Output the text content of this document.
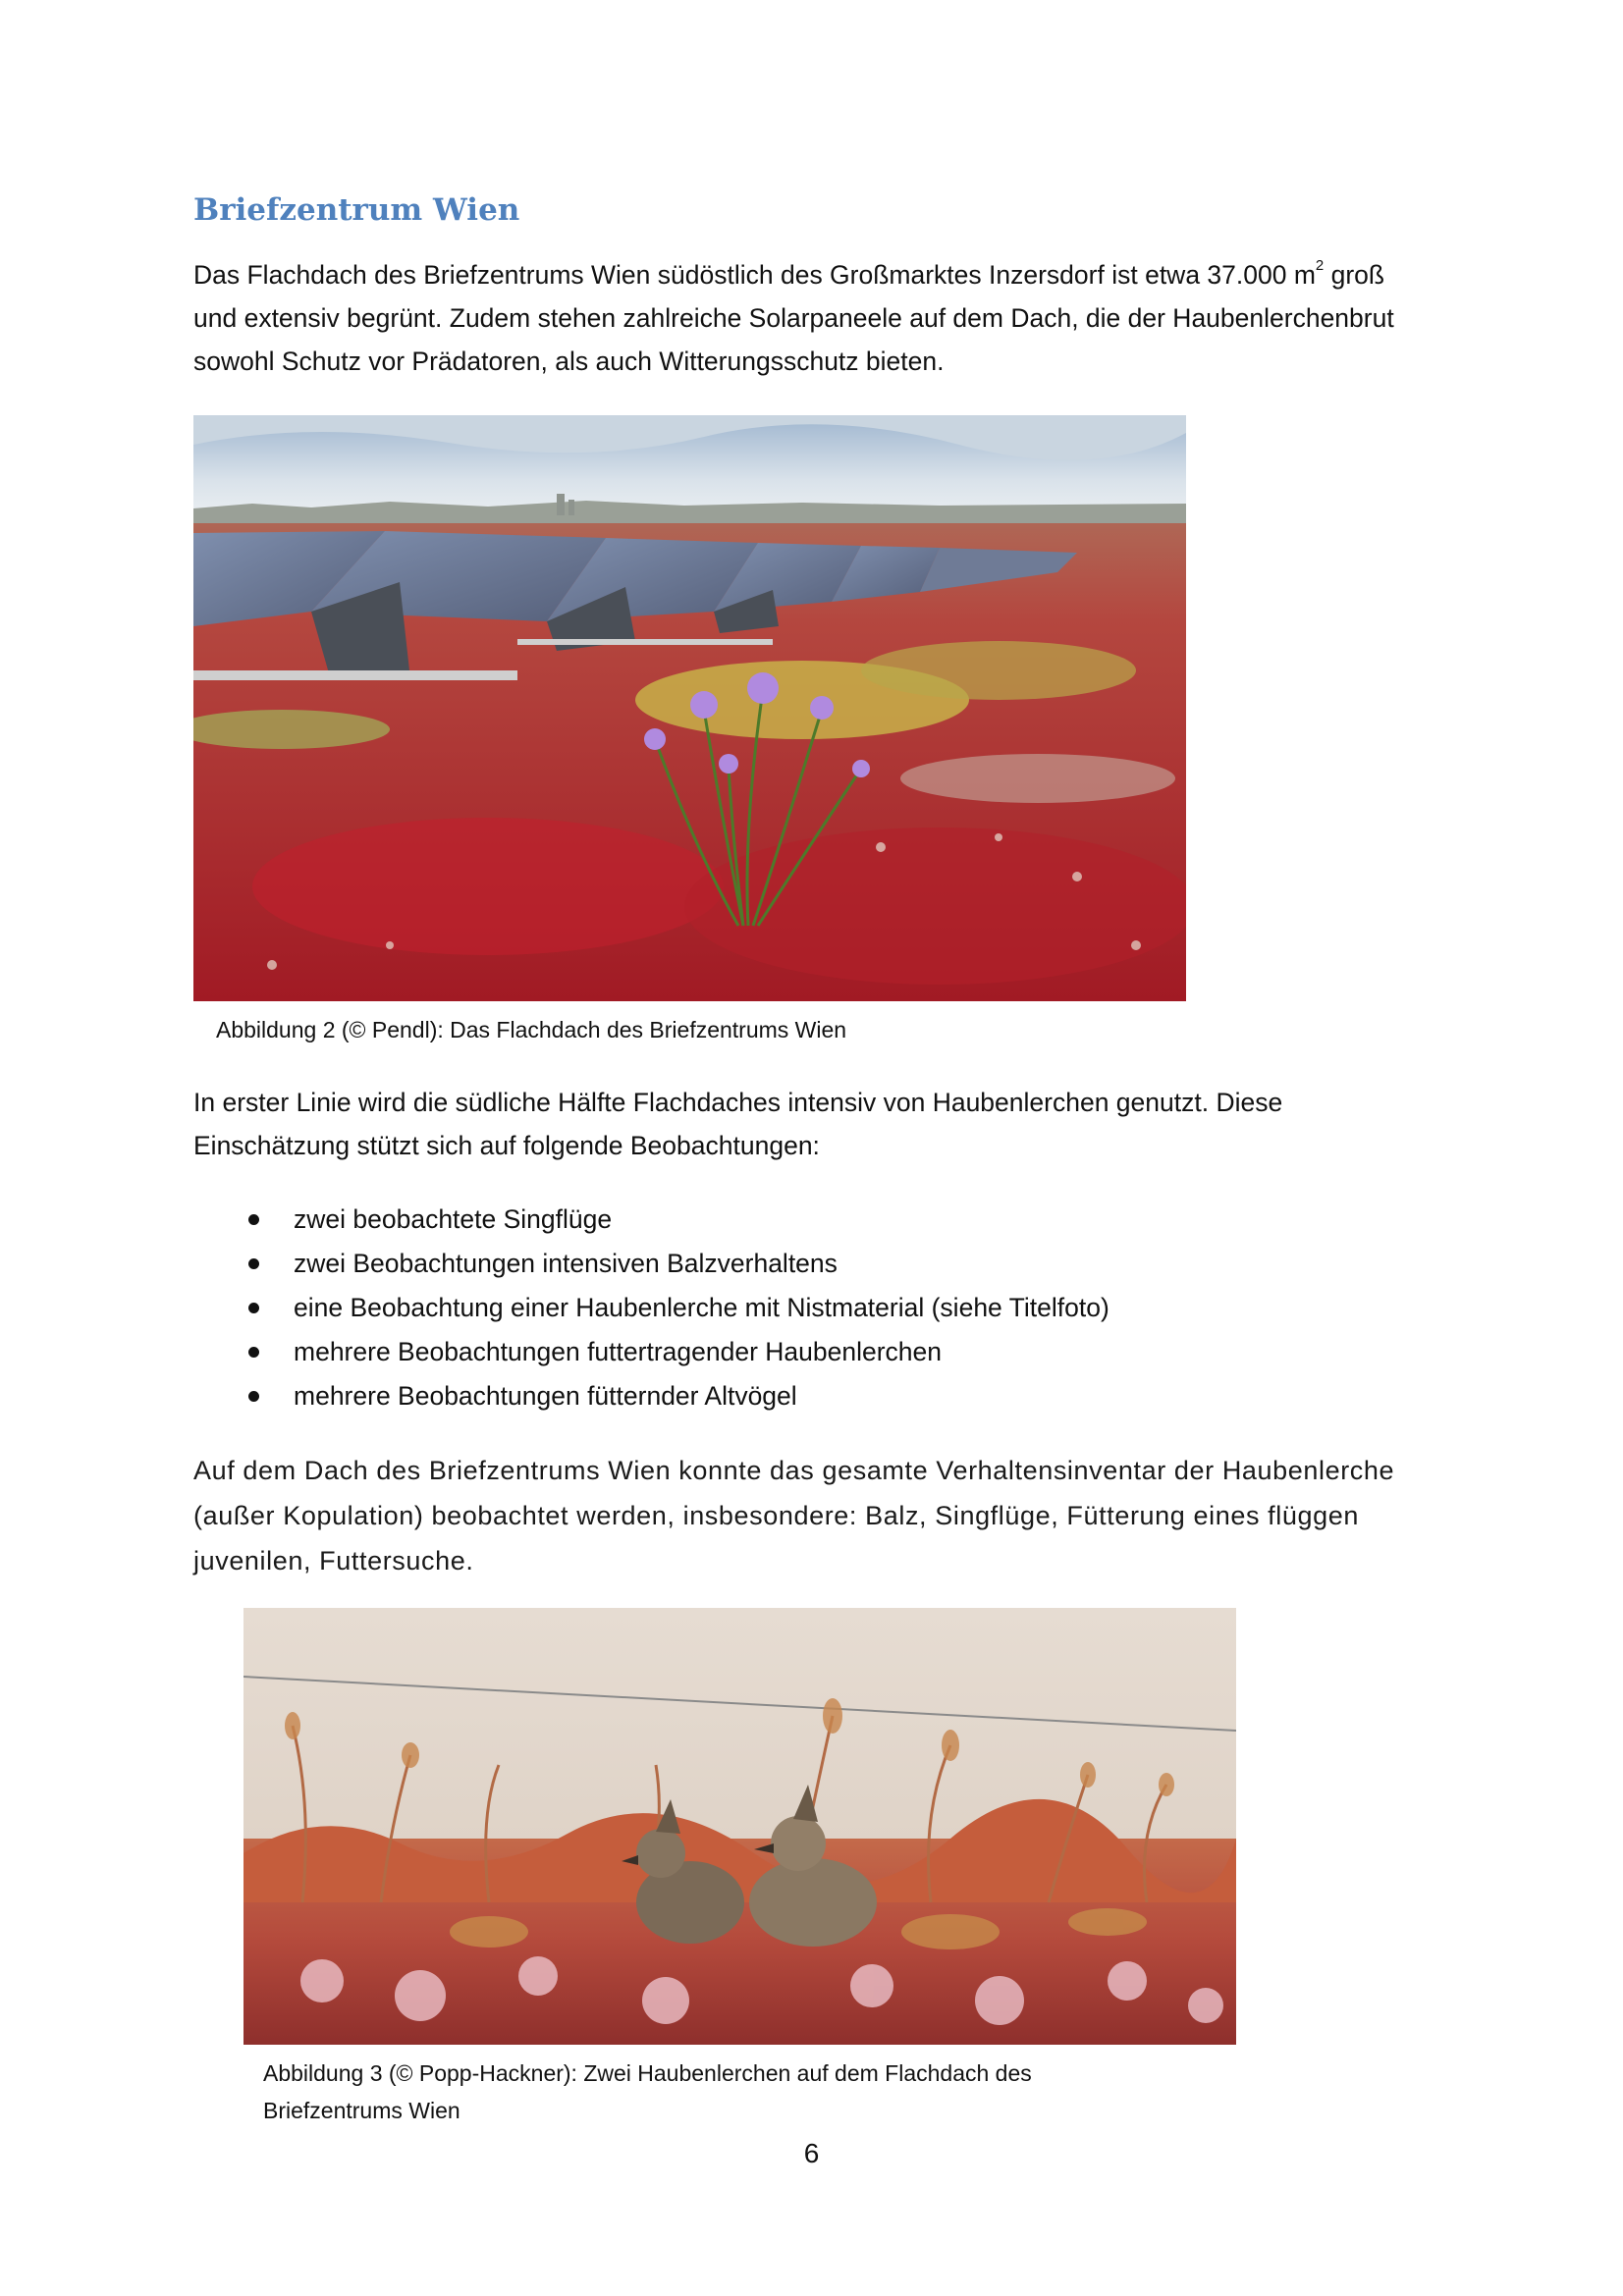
Briefzentrum Wien

Das Flachdach des Briefzentrums Wien südöstlich des Großmarktes Inzersdorf ist etwa 37.000 $m^2$ groß und extensiv begrünt. Zudem stehen zahlreiche Solarpaneele auf dem Dach, die der Haubenlerchenbrut sowohl Schutz vor Prädatoren, als auch Witterungsschutz bieten.

Abbildung 2 (© Pendl): Das Flachdach des Briefzentrums Wien

In erster Linie wird die südliche Hälfte Flachdaches intensiv von Haubenlerchen genutzt. Diese Einschätzung stützt sich auf folgende Beobachtungen:

zwei beobachtete Singflüge
zwei Beobachtungen intensiven Balzverhaltens
eine Beobachtung einer Haubenlerche mit Nistmaterial (siehe Titelfoto)
mehrere Beobachtungen futtertragender Haubenlerchen
mehrere Beobachtungen fütternder Altvögel

Auf dem Dach des Briefzentrums Wien konnte das gesamte Verhaltensinventar der Haubenlerche (außer Kopulation) beobachtet werden, insbesondere: Balz, Singflüge, Fütterung eines flüggen juvenilen, Futtersuche.

Abbildung 3 (© Popp-Hackner): Zwei Haubenlerchen auf dem Flachdach des Briefzentrums Wien

6
